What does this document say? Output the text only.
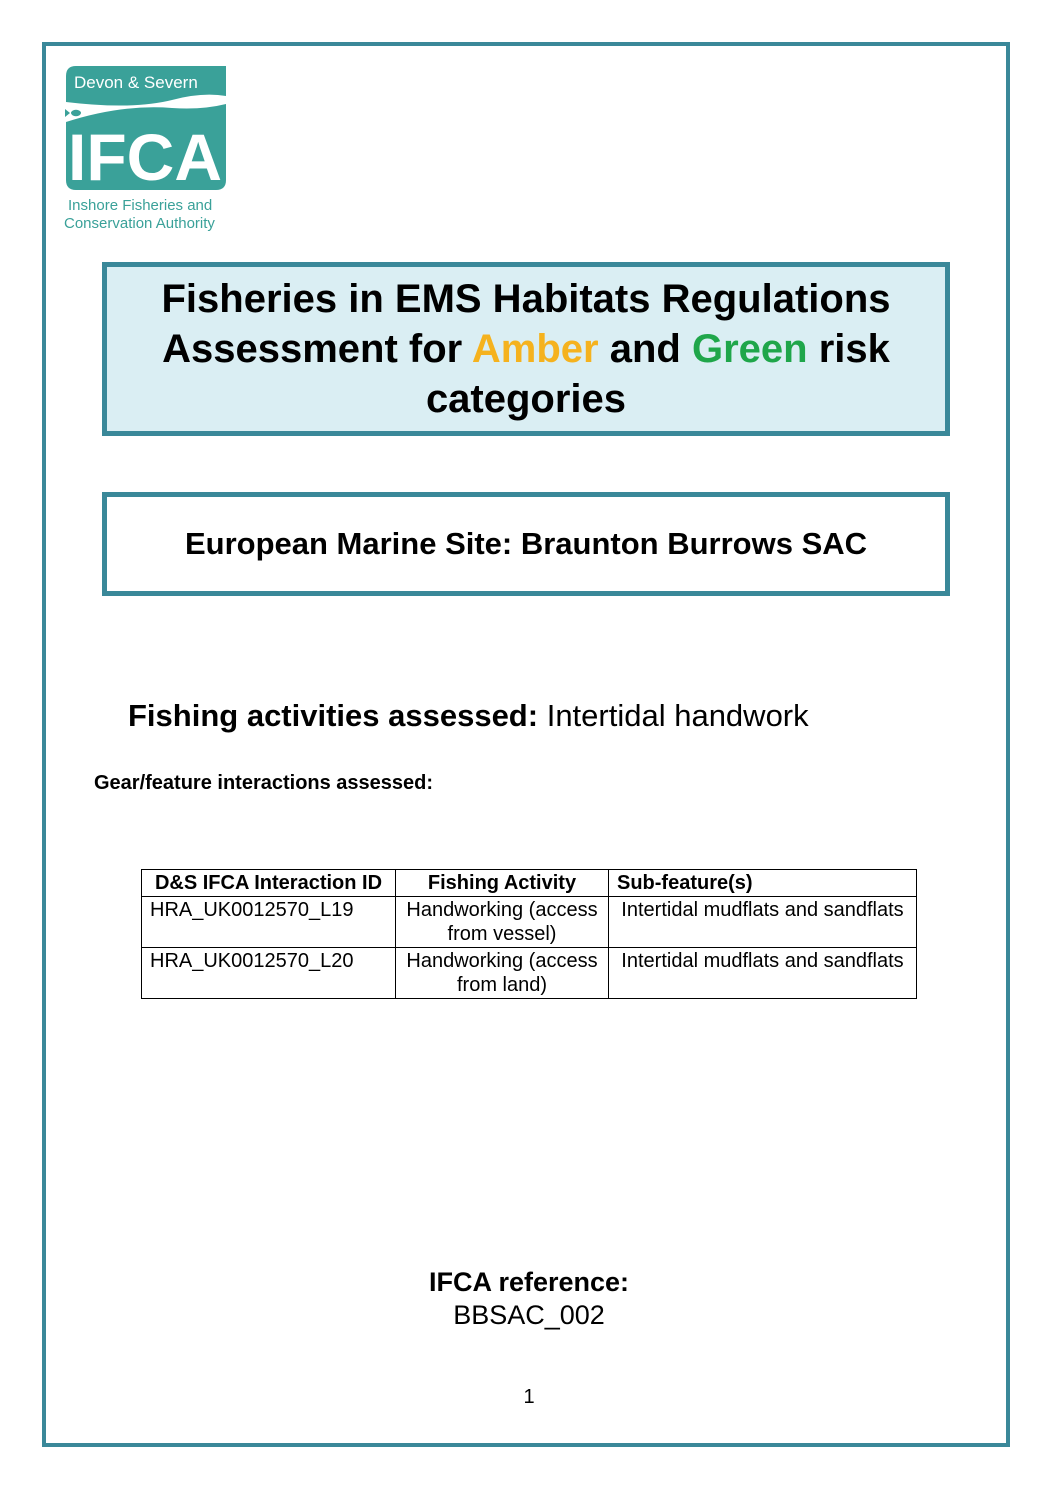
Devon & Severn
IFCA
Inshore Fisheries and
Conservation Authority
Fisheries in EMS Habitats Regulations
Assessment for Amber and Green risk
categories
European Marine Site: Braunton Burrows SAC
Fishing activities assessed: Intertidal handwork
Gear/feature interactions assessed:
D&S IFCA Interaction ID	Fishing Activity	Sub-feature(s)
HRA_UK0012570_L19	Handworking (access from vessel)	Intertidal mudflats and sandflats
HRA_UK0012570_L20	Handworking (access from land)	Intertidal mudflats and sandflats
IFCA reference:
BBSAC_002
1
